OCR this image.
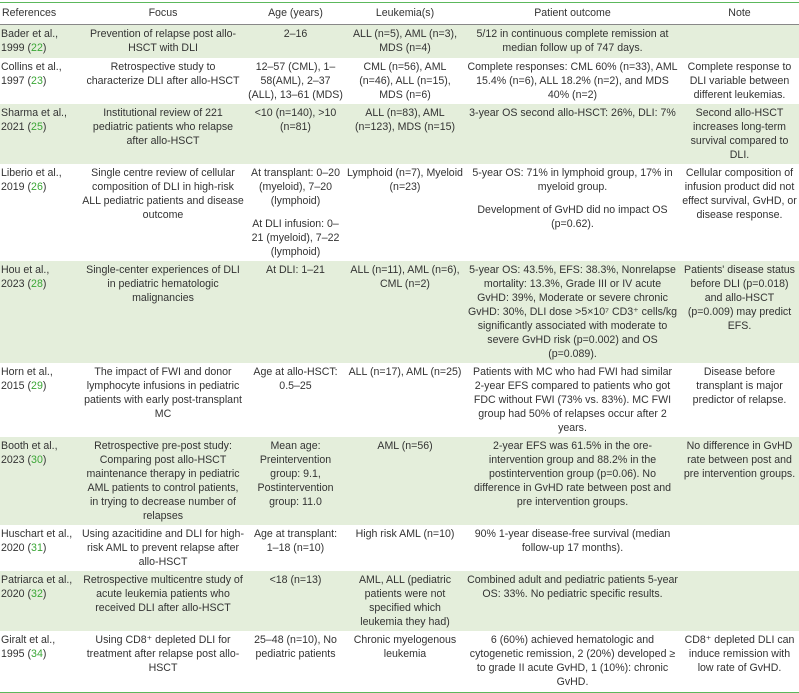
References	Focus	Age (years)	Leukemia(s)	Patient outcome	Note
Bader et al.,
1999 (22)	Prevention of relapse post allo-HSCT with DLI	2–16	ALL (n=5), AML (n=3), MDS (n=4)	5/12 in continuous complete remission at median follow up of 747 days.	

Collins et al.,
1997 (23)	Retrospective study to characterize DLI after allo-HSCT	12–57 (CML), 1–58(AML), 2–37 (ALL), 13–61 (MDS)	CML (n=56), AML (n=46), ALL (n=15), MDS (n=6)	Complete responses: CML 60% (n=33), AML 15.4% (n=6), ALL 18.2% (n=2), and MDS 40% (n=2)	Complete response to DLI variable between different leukemias.

Sharma et al.,
2021 (25)	Institutional review of 221 pediatric patients who relapse after allo-HSCT	<10 (n=140), >10 (n=81)	ALL (n=83), AML (n=123), MDS (n=15)	3-year OS second allo-HSCT: 26%, DLI: 7%	Second allo-HSCT increases long-term survival compared to DLI.

Liberio et al.,
2019 (26)	Single centre review of cellular composition of DLI in high-risk ALL pediatric patients and disease outcome	At transplant: 0–20 (myeloid), 7–20 (lymphoid)
At DLI infusion: 0–21 (myeloid), 7–22 (lymphoid)	Lymphoid (n=7), Myeloid (n=23)	5-year OS: 71% in lymphoid group, 17% in myeloid group.
Development of GvHD did no impact OS (p=0.62).	Cellular composition of infusion product did not effect survival, GvHD, or disease response.

Hou et al.,
2023 (28)	Single-center experiences of DLI in pediatric hematologic malignancies	At DLI: 1–21	ALL (n=11), AML (n=6), CML (n=2)	5-year OS: 43.5%, EFS: 38.3%, Nonrelapse mortality: 13.3%, Grade III or IV acute GvHD: 39%, Moderate or severe chronic GvHD: 30%, DLI dose >5×10⁷ CD3⁺ cells/kg significantly associated with moderate to severe GvHD risk (p=0.002) and OS (p=0.089).	Patients' disease status before DLI (p=0.018) and allo-HSCT (p=0.009) may predict EFS.

Horn et al.,
2015 (29)	The impact of FWI and donor lymphocyte infusions in pediatric patients with early post-transplant MC	Age at allo-HSCT: 0.5–25	ALL (n=17), AML (n=25)	Patients with MC who had FWI had similar 2-year EFS compared to patients who got FDC without FWI (73% vs. 83%). MC FWI group had 50% of relapses occur after 2 years.	Disease before transplant is major predictor of relapse.

Booth et al.,
2023 (30)	Retrospective pre-post study: Comparing post allo-HSCT maintenance therapy in pediatric AML patients to control patients, in trying to decrease number of relapses	Mean age: Preintervention group: 9.1, Postintervention group: 11.0	AML (n=56)	2-year EFS was 61.5% in the ore-intervention group and 88.2% in the postintervention group (p=0.06). No difference in GvHD rate between post and pre intervention groups.	No difference in GvHD rate between post and pre intervention groups.

Huschart et al.,
2020 (31)	Using azacitidine and DLI for high-risk AML to prevent relapse after allo-HSCT	Age at transplant: 1–18 (n=10)	High risk AML (n=10)	90% 1-year disease-free survival (median follow-up 17 months).	

Patriarca et al.,
2020 (32)	Retrospective multicentre study of acute leukemia patients who received DLI after allo-HSCT	<18 (n=13)	AML, ALL (pediatric patients were not specified which leukemia they had)	Combined adult and pediatric patients 5-year OS: 33%. No pediatric specific results.	

Giralt et al.,
1995 (34)	Using CD8⁺ depleted DLI for treatment after relapse post allo-HSCT	25–48 (n=10), No pediatric patients	Chronic myelogenous leukemia	6 (60%) achieved hematologic and cytogenetic remission, 2 (20%) developed ≥ to grade II acute GvHD, 1 (10%): chronic GvHD.	CD8⁺ depleted DLI can induce remission with low rate of GvHD.
